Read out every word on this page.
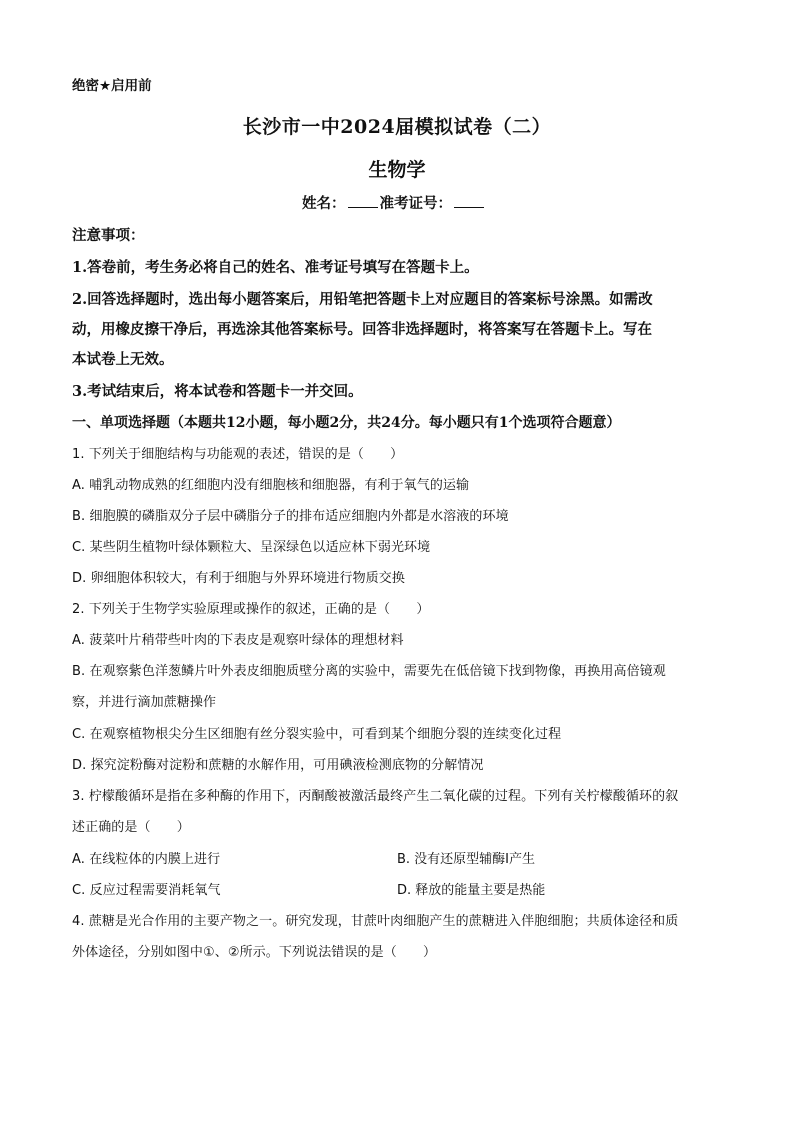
绝密★启用前
长沙市一中2024届模拟试卷（二）
生物学
姓名： 准考证号：
注意事项：
1.答卷前，考生务必将自己的姓名、准考证号填写在答题卡上。
2.回答选择题时，选出每小题答案后，用铅笔把答题卡上对应题目的答案标号涂黑。如需改
动，用橡皮擦干净后，再选涂其他答案标号。回答非选择题时，将答案写在答题卡上。写在
本试卷上无效。
3.考试结束后，将本试卷和答题卡一并交回。
一、单项选择题（本题共12小题，每小题2分，共24分。每小题只有1个选项符合题意）
1. 下列关于细胞结构与功能观的表述，错误的是（　　）
A. 哺乳动物成熟的红细胞内没有细胞核和细胞器，有利于氧气的运输
B. 细胞膜的磷脂双分子层中磷脂分子的排布适应细胞内外都是水溶液的环境
C. 某些阴生植物叶绿体颗粒大、呈深绿色以适应林下弱光环境
D. 卵细胞体积较大，有利于细胞与外界环境进行物质交换
2. 下列关于生物学实验原理或操作的叙述，正确的是（　　）
A. 菠菜叶片稍带些叶肉的下表皮是观察叶绿体的理想材料
B. 在观察紫色洋葱鳞片叶外表皮细胞质壁分离的实验中，需要先在低倍镜下找到物像，再换用高倍镜观
察，并进行滴加蔗糖操作
C. 在观察植物根尖分生区细胞有丝分裂实验中，可看到某个细胞分裂的连续变化过程
D. 探究淀粉酶对淀粉和蔗糖的水解作用，可用碘液检测底物的分解情况
3. 柠檬酸循环是指在多种酶的作用下，丙酮酸被激活最终产生二氧化碳的过程。下列有关柠檬酸循环的叙
述正确的是（　　）
A. 在线粒体的内膜上进行	B. 没有还原型辅酶Ⅰ产生
C. 反应过程需要消耗氧气	D. 释放的能量主要是热能
4. 蔗糖是光合作用的主要产物之一。研究发现，甘蔗叶肉细胞产生的蔗糖进入伴胞细胞；共质体途径和质
外体途径，分别如图中①、②所示。下列说法错误的是（　　）
